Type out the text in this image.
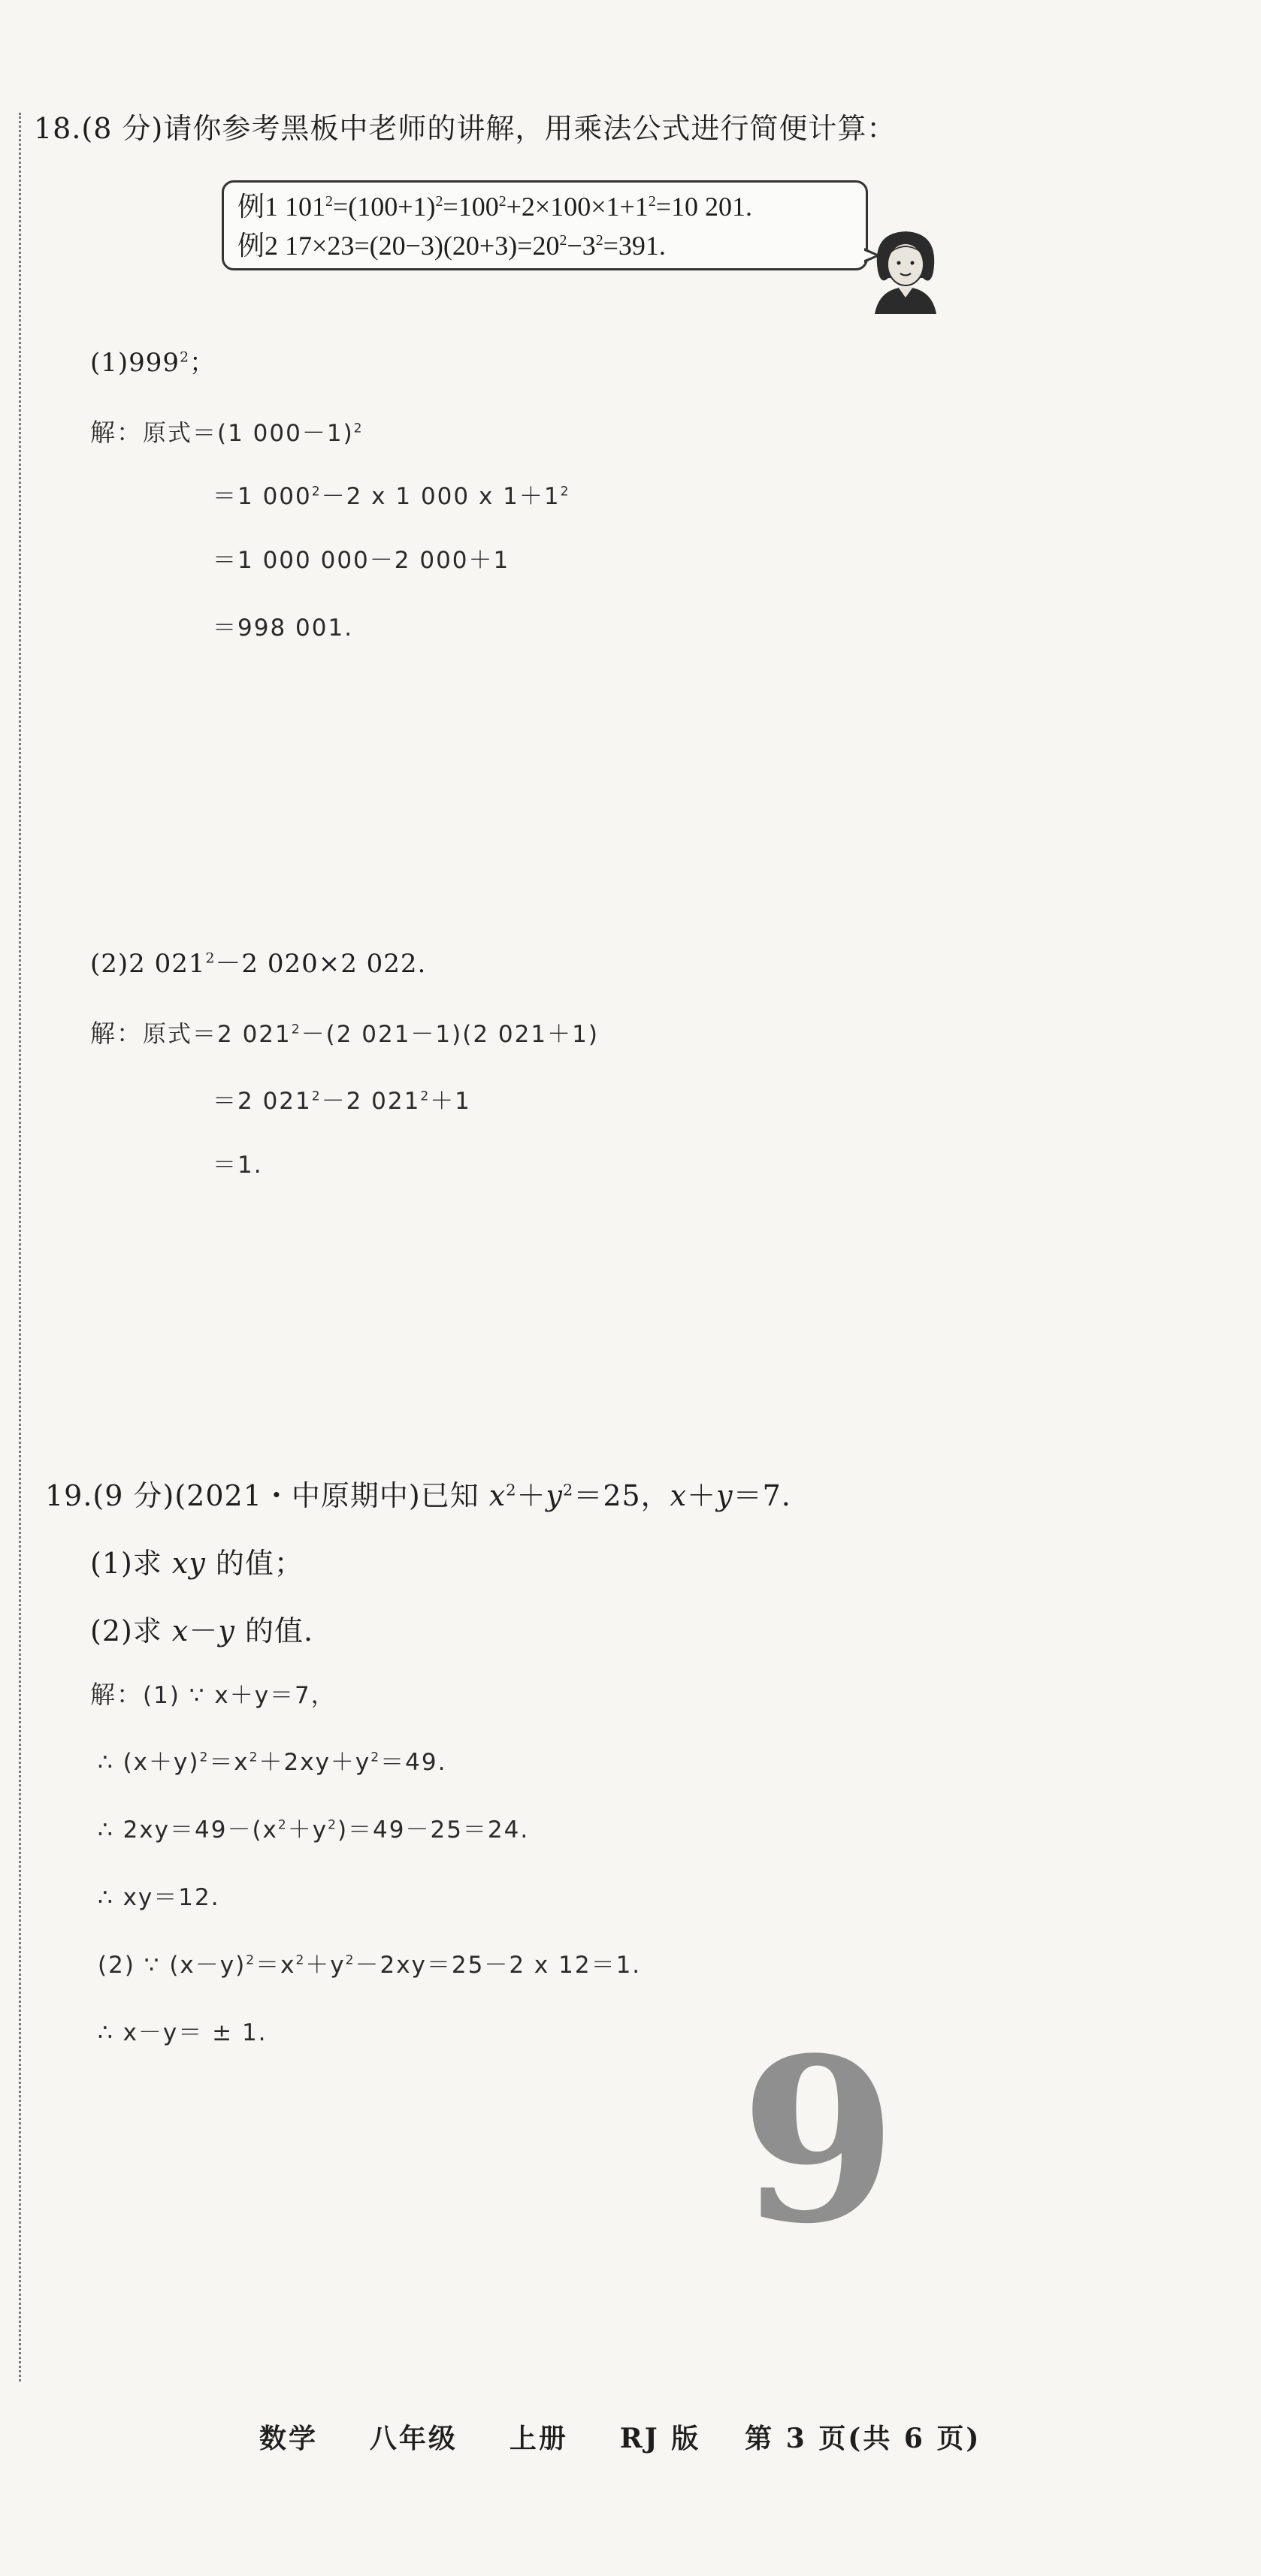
18.(8 分)请你参考黑板中老师的讲解，用乘法公式进行简便计算：
例1 $101^2=(100+1)^2=100^2+2\times 100\times 1+1^2=10$ 201.
例2 $17\times 23=(20-3)(20+3)=20^2-3^2=391$.
$(1)999^2$；
解：原式＝(1 000－1)$^2$
＝1 $000^2-2$ x 1 000 x $1+1^2$
＝1 000 000－2 000＋1
＝998 001.
(2)2 $021^2-2$ 020×2 022.
解：原式＝2 $021^2-(2$ 021－1)(2 021＋1)
＝2 $021^2-2$ $021^2+1$
＝1.
19.(9 分)(2021・中原期中)已知 $x^2+y^2=25$，x＋y＝7.
(1)求 xy 的值；
(2)求 x－y 的值.
解：(1) ∵ x＋y＝7，
∴ $(x+y)^2=x^2+2xy+y^2=49$.
∴ $2xy=49-(x^2+y^2)=49-25=24$.
∴ xy＝12.
(2) ∵ $(x-y)^2=x^2+y^2-2xy=25-2$ x 12＝1.
∴ x－y＝ ± 1. 9
数学 八年级 上册 RJ 版 第 3 页(共 6 页)
